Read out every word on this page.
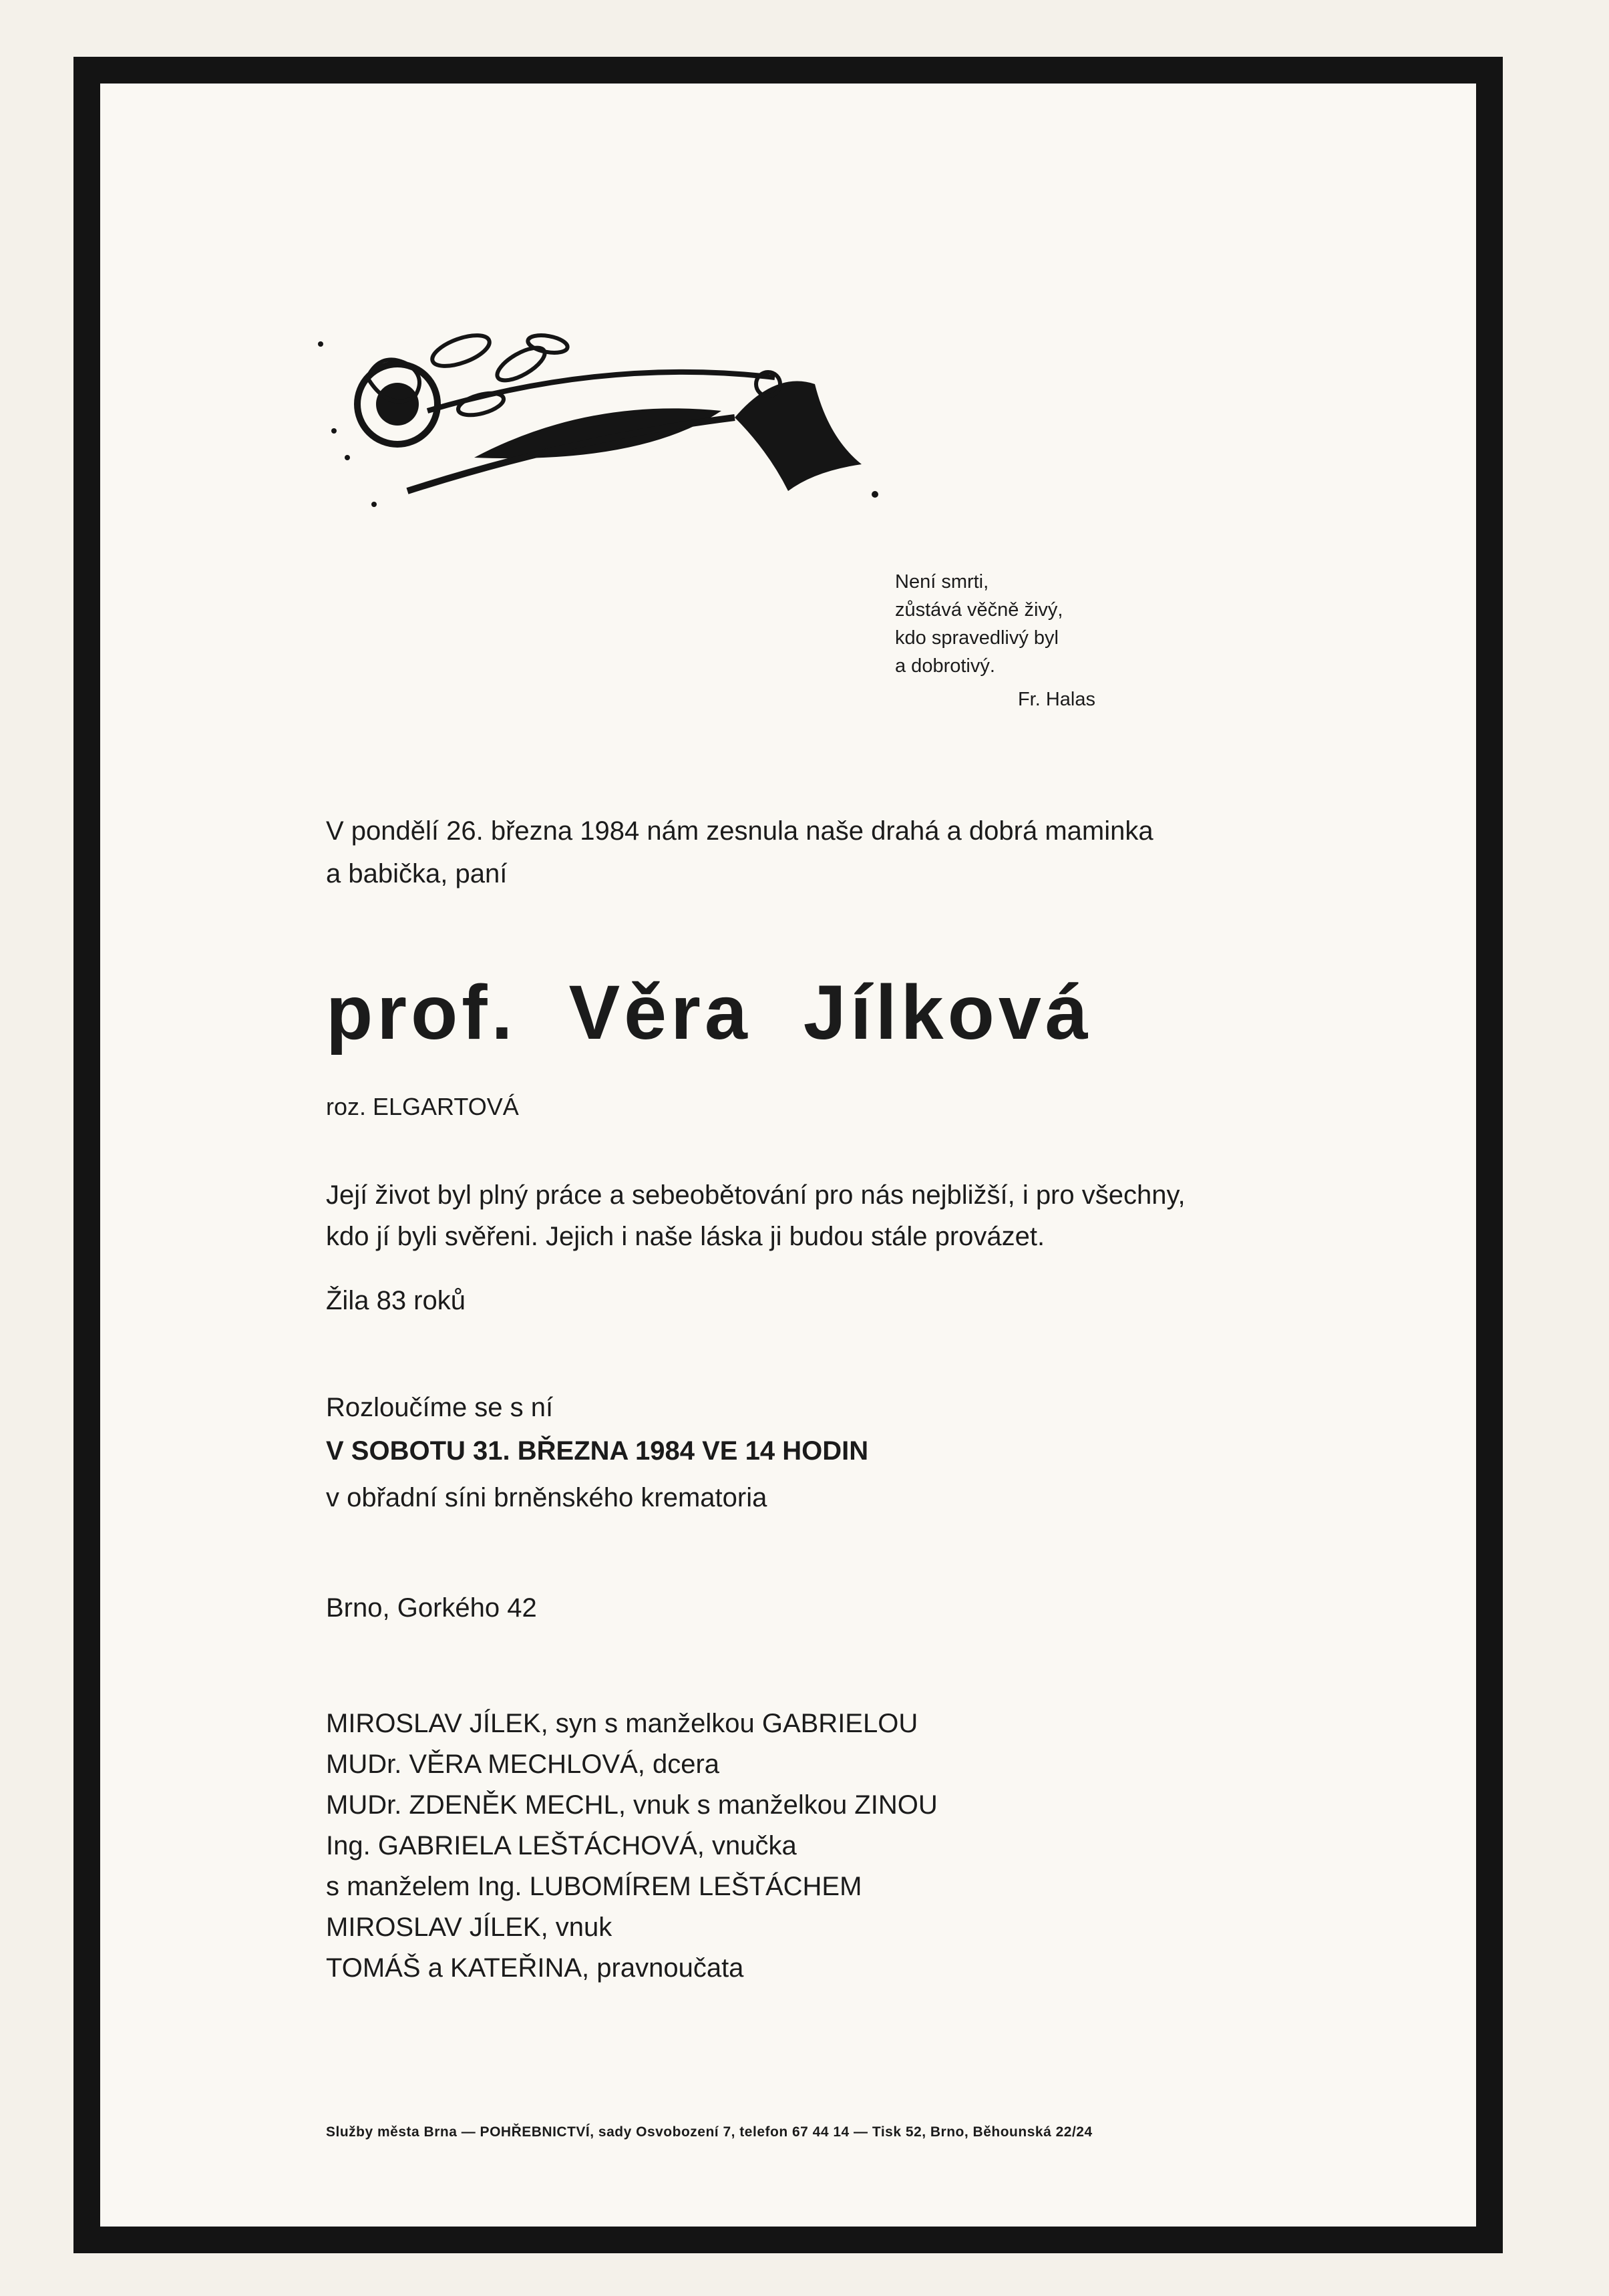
Není smrti,
zůstává věčně živý,
kdo spravedlivý byl
a dobrotivý.
Fr. Halas
V pondělí 26. března 1984 nám zesnula naše drahá a dobrá maminka
a babička, paní
prof. Věra Jílková
roz. ELGARTOVÁ
Její život byl plný práce a sebeobětování pro nás nejbližší, i pro všechny,
kdo jí byli svěřeni. Jejich i naše láska ji budou stále provázet.
Žila 83 roků
Rozloučíme se s ní
V SOBOTU 31. BŘEZNA 1984 VE 14 HODIN
v obřadní síni brněnského krematoria
Brno, Gorkého 42
MIROSLAV JÍLEK, syn s manželkou GABRIELOU
MUDr. VĚRA MECHLOVÁ, dcera
MUDr. ZDENĚK MECHL, vnuk s manželkou ZINOU
Ing. GABRIELA LEŠTÁCHOVÁ, vnučka
s manželem Ing. LUBOMÍREM LEŠTÁCHEM
MIROSLAV JÍLEK, vnuk
TOMÁŠ a KATEŘINA, pravnoučata
Služby města Brna — POHŘEBNICTVÍ, sady Osvobození 7, telefon 67 44 14 — Tisk 52, Brno, Běhounská 22/24
